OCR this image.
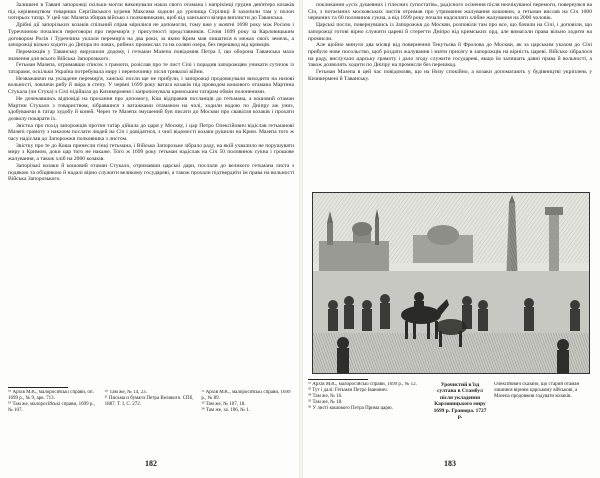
Залишені в Тавані запорожці скільки могли виконували наказ свого отамана і напрікінці грудня дев'ятеро козаків під керівництвом товариша Сергіївського куреня Максима ходили до урочища Стрілиці й захопили там у полон чотирьох татар. У цей час Мазепа збирав військо з полковниками, щоб від ханського візира виплисти до Таванська.

Дрібні дії запорізьких козаків спільний справ мірилися не допомогли, тому вже у жовтні 1698 року між Росією і Туреччиною почалися переговори про перемир'я у присутності представників. Січня 1699 року за Карловицьким договором Росія і Туреччина уклали перемир'я на два роки, за яким Крим мав лишатися в межах своїх земель, а запорожці вільно ходити до Дніпра по ловах, рибних промислах та на соляні озера, без перешкод від кримців.

Переможців у Таванську вирушили додому, і гетьман Мазепа повідомив Петра І, що оборона Таванська мала значення для всього Війська Запорозького.

Гетьман Мазепа, отримавши список з грамоти, розіслав про те лист Січі і порадив запорожцям уникати сутичок із татарами, оскільки Україна потребувала миру і перепочинку після тривалої війни.

Незважаючи на укладене перемир'я, ханські посли ще не прибули, і запорожці продовжували виходити на низові вольності, ловлячи рибу й звіра в степу. У червні 1699 року ватага козаків під проводом кошового отамана Мартина Стукала (чи Стука) з Січі підійшла до Кизикерменя і запропонувала кримським татарам обмін полоненими.

Не дочекавшись відповіді на прохання про допомогу, Кіш відправив посланців до гетьмана, а кошовий отаман Мартин Стукало з товариством, зібравшися з ватажками отаманом на чолі, ходили водою по Дніпру аж униз, здобуваючи в татар худобу й коней. Через те Мазепа змушений був писати до Москви про свавілля козаків і прохати дозволу покарати їх.

Звістка про похід запорожців протин татар дійшла до царя у Москву, і цар Петро Олексійович відіслав гетьманові Мазепі грамоту з наказом послати людей на Січ і довідатися, з чиєї відомості козаки рушили на Крим. Мазепа того ж часу надіслав до Запорожжя полковника з листом.

Звістку про те до Коша принесли гінці гетьмана, і Військо Запорозьке зібрало раду, на якій ухвалило не порушувати миру з Кримом, доки цар того не накаже. Того ж 1699 року гетьман надіслав на Січ 50 половинок сукна і грошове жалування, а також хліб на 2000 козаків.

Запорізькі козаки й кошовий отаман Стукало, отримавши царські дари, послали до великого гетьмана листа з подякою та обіцянкою й надалі вірно служити великому государеві, а також прохали підтвердити їм права на вольності Війська Запорозького.

¹⁸ Архів МЗС, малоросійські справи, оп. 1699 р., № 9, арк. 713.
¹⁹ Там же, малоросійські справи, 1699 р., № 107.
²⁰ Там же, № 14, 23.
²¹ Письма и бумаги Петра Великого. СПб, 1887. Т. I, С. 272.
²² Архів МЗС, малоросійські справи, 1699 р., № 89.
²³ Там же, № 107, 18.
²⁴ Там же, за. 106, № 1.
182

покликання «усіх душевних і тілесних супостатів», радісного осінення після неочікуваної перемоги, повернувся на Січ, з потаємних московських листів отримав про утримання жалування кошовим, а гетьман вислав на Січ 1000 червоних та 60 половинок сукна, а від 1699 року почали надсилати хлібне жалування на 2000 чоловік.

Царські посли, повернувшись із Запорожжя до Москви, розповіли там про все, що бачили на Січі, і доповіли, що запорожці готові вірно служити цареві й стерегти Дніпро від кримських орд, але вимагали права вільно ходити на промисли.

Але щойно минуло два місяці від повернення Текутьєва й Фролова до Москви, як за царським указом до Січі прибуло нове посольство, щоб роздати жалування і взяти присягу в запорожців на вірність цареві. Військо зібралося на раду, вислухало царську грамоту і дало згоду служити государеві, якщо їм залишать давні права й вольності, а також дозволять ходити по Дніпру на промисли без перешкод.

Гетьман Мазепа в цей час повідомляв, що на Низу спокійно, а козаки допомагають у будівництві укріплень у Кизикермені й Таванську.

Урочистий в'їзд султана в Стамбул після укладення Карловицького миру 1699 р. Гравюра. 1727 р.
³² Архів МЗС, малоросійські справи, 1699 р., № 12.
³³ Тут і далі: Гетьман Петро Іванович.
³⁴ Там же, № 16.
³⁵ Там же, № 18.
³⁶ У листі кошового Петра Прима царю.
Олексійович сказано, що старий отаман лишився вірним царському військові, а Мазепа продовжив годувати козаків.
183
